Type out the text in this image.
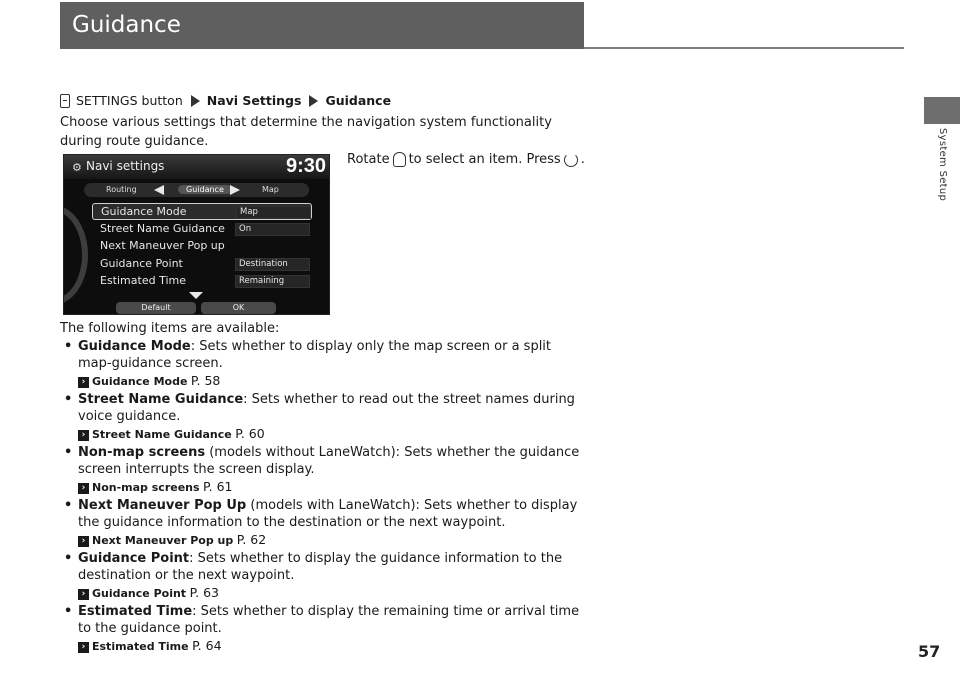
Guidance
System Setup
SETTINGS button Navi Settings Guidance
Choose various settings that determine the navigation system functionality during route guidance.
Rotate to select an item. Press .
⚙ Navi settings	9:30
Routing	Guidance	Map
Guidance Mode	Map
Street Name Guidance	On
Next Maneuver Pop up
Guidance Point	Destination
Estimated Time	Remaining
Default	OK
The following items are available:
• Guidance Mode: Sets whether to display only the map screen or a split map-guidance screen.
› Guidance Mode P. 58
• Street Name Guidance: Sets whether to read out the street names during voice guidance.
› Street Name Guidance P. 60
• Non-map screens (models without LaneWatch): Sets whether the guidance screen interrupts the screen display.
› Non-map screens P. 61
• Next Maneuver Pop Up (models with LaneWatch): Sets whether to display the guidance information to the destination or the next waypoint.
› Next Maneuver Pop up P. 62
• Guidance Point: Sets whether to display the guidance information to the destination or the next waypoint.
› Guidance Point P. 63
• Estimated Time: Sets whether to display the remaining time or arrival time to the guidance point.
› Estimated Time P. 64	57
